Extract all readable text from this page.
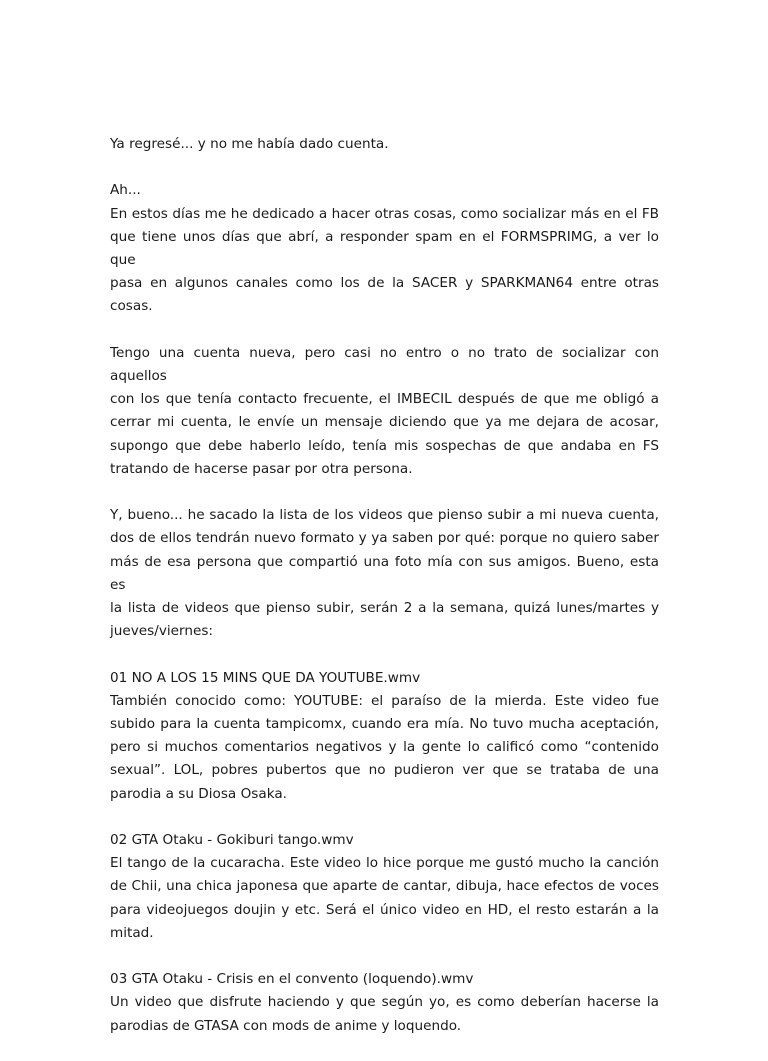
Ya regresé... y no me había dado cuenta.
Ah...
En estos días me he dedicado a hacer otras cosas, como socializar más en el FB
que tiene unos días que abrí, a responder spam en el FORMSPRIMG, a ver lo que
pasa en algunos canales como los de la SACER y SPARKMAN64 entre otras
cosas.
Tengo una cuenta nueva, pero casi no entro o no trato de socializar con aquellos
con los que tenía contacto frecuente, el IMBECIL después de que me obligó a
cerrar mi cuenta, le envíe un mensaje diciendo que ya me dejara de acosar,
supongo que debe haberlo leído, tenía mis sospechas de que andaba en FS
tratando de hacerse pasar por otra persona.
Y, bueno... he sacado la lista de los videos que pienso subir a mi nueva cuenta,
dos de ellos tendrán nuevo formato y ya saben por qué: porque no quiero saber
más de esa persona que compartió una foto mía con sus amigos. Bueno, esta es
la lista de videos que pienso subir, serán 2 a la semana, quizá lunes/martes y
jueves/viernes:
01 NO A LOS 15 MINS QUE DA YOUTUBE.wmv
También conocido como: YOUTUBE: el paraíso de la mierda. Este video fue
subido para la cuenta tampicomx, cuando era mía. No tuvo mucha aceptación,
pero si muchos comentarios negativos y la gente lo calificó como “contenido
sexual”. LOL, pobres pubertos que no pudieron ver que se trataba de una
parodia a su Diosa Osaka.
02 GTA Otaku - Gokiburi tango.wmv
El tango de la cucaracha. Este video lo hice porque me gustó mucho la canción
de Chii, una chica japonesa que aparte de cantar, dibuja, hace efectos de voces
para videojuegos doujin y etc. Será el único video en HD, el resto estarán a la
mitad.
03 GTA Otaku - Crisis en el convento (loquendo).wmv
Un video que disfrute haciendo y que según yo, es como deberían hacerse la
parodias de GTASA con mods de anime y loquendo.
